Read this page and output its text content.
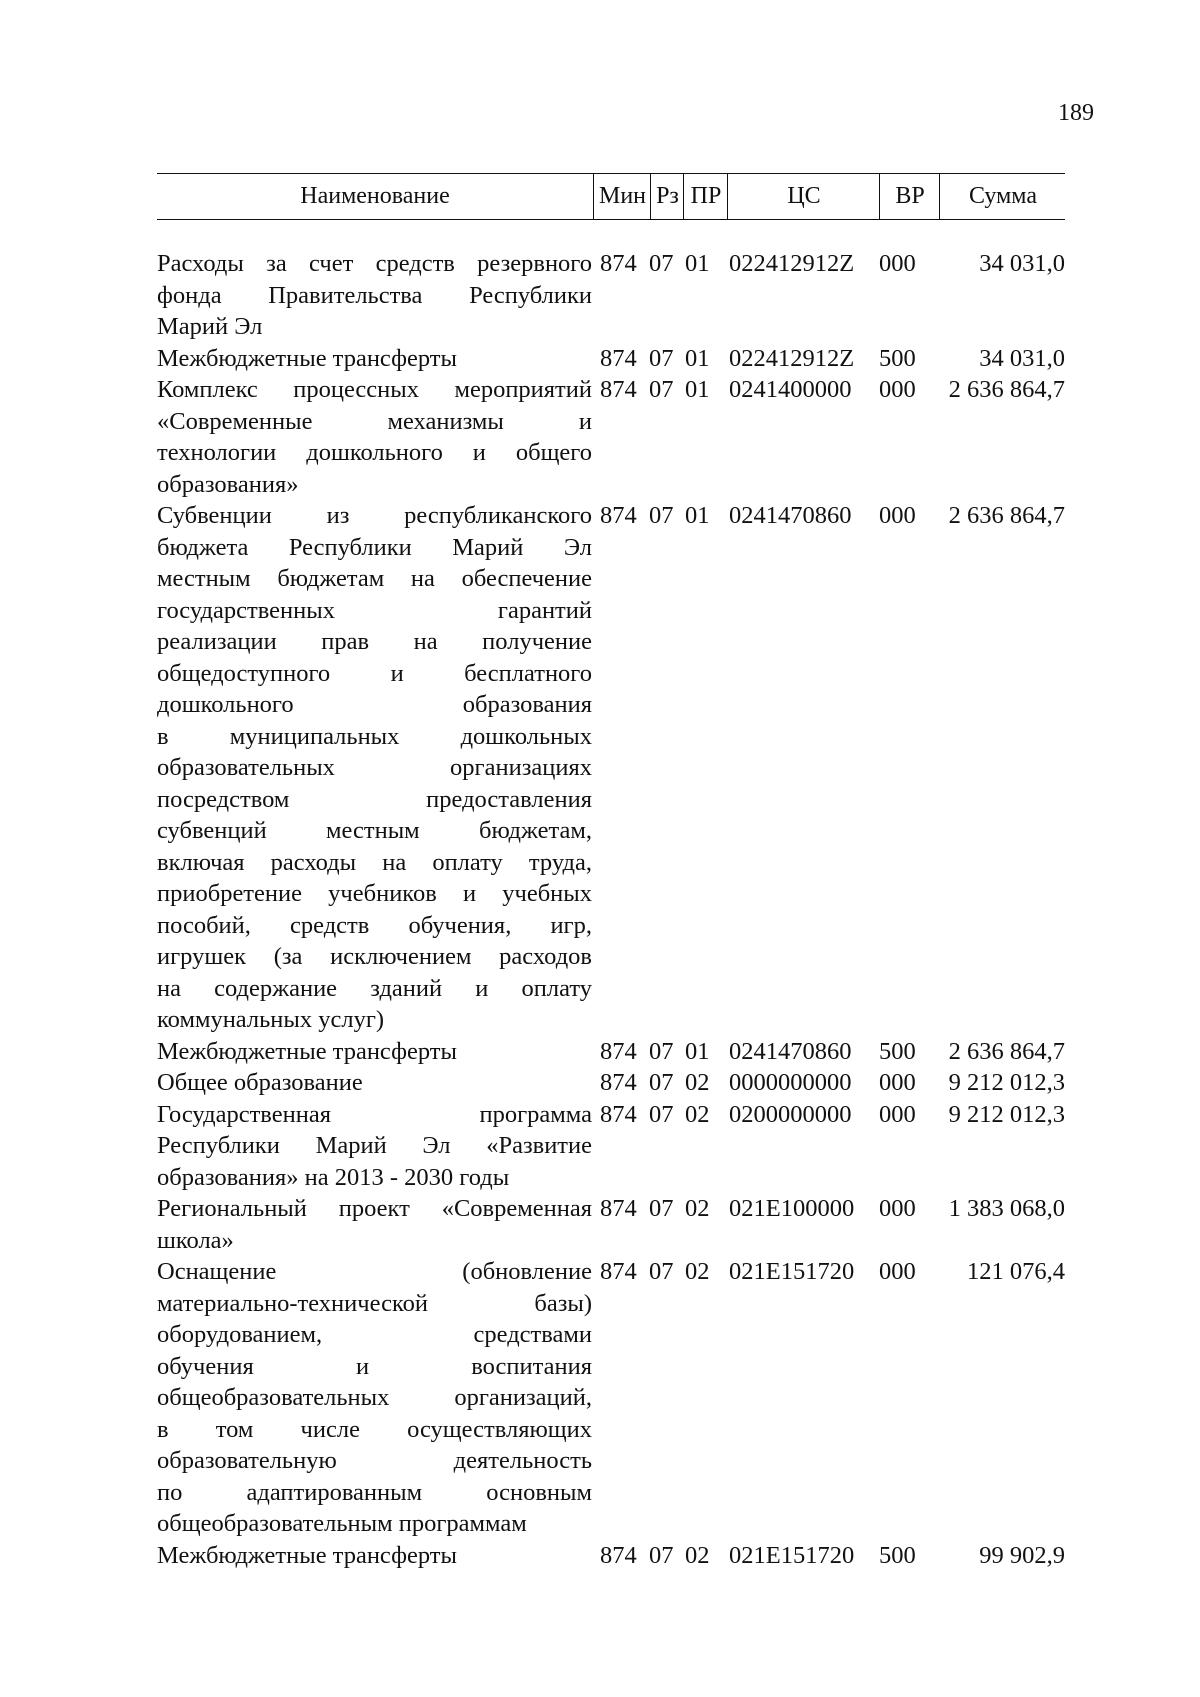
189
Наименование	Мин Рз ПР	ЦС	ВР	Сумма
Расходы за счет средств резервного
фонда Правительства Республики
Марий Эл
874 07 01 022412912Z	000	34 031,0
Межбюджетные трансферты	874 07 01 022412912Z	500	34 031,0
Комплекс процессных мероприятий
«Современные механизмы и
технологии дошкольного и общего
образования»
874 07 01 0241400000	000	2 636 864,7
Субвенции из республиканского
бюджета Республики Марий Эл
местным бюджетам на обеспечение
государственных гарантий
реализации прав на получение
общедоступного и бесплатного
дошкольного образования
в муниципальных дошкольных
образовательных организациях
посредством предоставления
субвенций местным бюджетам,
включая расходы на оплату труда,
приобретение учебников и учебных
пособий, средств обучения, игр,
игрушек (за исключением расходов
на содержание зданий и оплату
коммунальных услуг)
874 07 01 0241470860	000	2 636 864,7
Межбюджетные трансферты	874 07 01 0241470860	500	2 636 864,7
Общее образование	874 07 02 0000000000	000	9 212 012,3
Государственная программа
Республики Марий Эл «Развитие
образования» на 2013 - 2030 годы
874 07 02 0200000000	000	9 212 012,3
Региональный проект «Современная
школа»
874 07 02 021E100000	000	1 383 068,0
Оснащение (обновление
материально-технической базы)
оборудованием, средствами
обучения и воспитания
общеобразовательных организаций,
в том числе осуществляющих
образовательную деятельность
по адаптированным основным
общеобразовательным программам
874 07 02 021E151720	000	121 076,4
Межбюджетные трансферты	874 07 02 021E151720	500	99 902,9
